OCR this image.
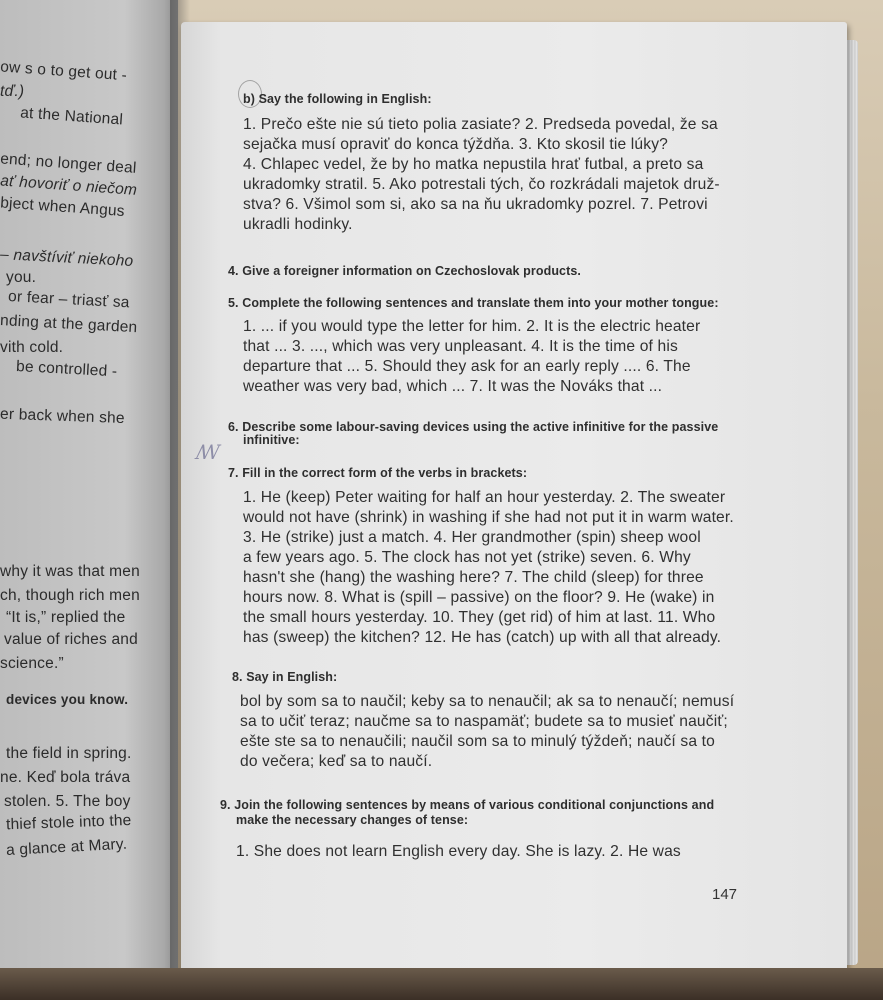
ow s o to get out -
tď.)
at the National
end; no longer deal
ať hovoriť o niečom
bject when Angus
– navštíviť niekoho
you.
or fear – triasť sa
nding at the garden
vith cold.
be controlled -
er back when she
why it was that men
ch, though rich men
“It is,” replied the
value of riches and
science.”
devices you know.
the field in spring.
ne. Keď bola tráva
stolen. 5. The boy
thief stole into the
a glance at Mary.
b) Say the following in English:
1. Prečo ešte nie sú tieto polia zasiate? 2. Predseda povedal, že sa
sejačka musí opraviť do konca týždňa. 3. Kto skosil tie lúky?
4. Chlapec vedel, že by ho matka nepustila hrať futbal, a preto sa
ukradomky stratil. 5. Ako potrestali tých, čo rozkrádali majetok druž-
stva? 6. Všimol som si, ako sa na ňu ukradomky pozrel. 7. Petrovi
ukradli hodinky.
4. Give a foreigner information on Czechoslovak products.
5. Complete the following sentences and translate them into your mother tongue:
1. ... if you would type the letter for him. 2. It is the electric heater
that ... 3. ..., which was very unpleasant. 4. It is the time of his
departure that ... 5. Should they ask for an early reply .... 6. The
weather was very bad, which ... 7. It was the Nováks that ...
6. Describe some labour-saving devices using the active infinitive for the passive
infinitive:
ꟿ
7. Fill in the correct form of the verbs in brackets:
1. He (keep) Peter waiting for half an hour yesterday. 2. The sweater
would not have (shrink) in washing if she had not put it in warm water.
3. He (strike) just a match. 4. Her grandmother (spin) sheep wool
a few years ago. 5. The clock has not yet (strike) seven. 6. Why
hasn't she (hang) the washing here? 7. The child (sleep) for three
hours now. 8. What is (spill – passive) on the floor? 9. He (wake) in
the small hours yesterday. 10. They (get rid) of him at last. 11. Who
has (sweep) the kitchen? 12. He has (catch) up with all that already.
8. Say in English:
bol by som sa to naučil; keby sa to nenaučil; ak sa to nenaučí; nemusí
sa to učiť teraz; naučme sa to naspamäť; budete sa to musieť naučiť;
ešte ste sa to nenaučili; naučil som sa to minulý týždeň; naučí sa to
do večera; keď sa to naučí.
9. Join the following sentences by means of various conditional conjunctions and
make the necessary changes of tense:
1. She does not learn English every day. She is lazy. 2. He was
147
